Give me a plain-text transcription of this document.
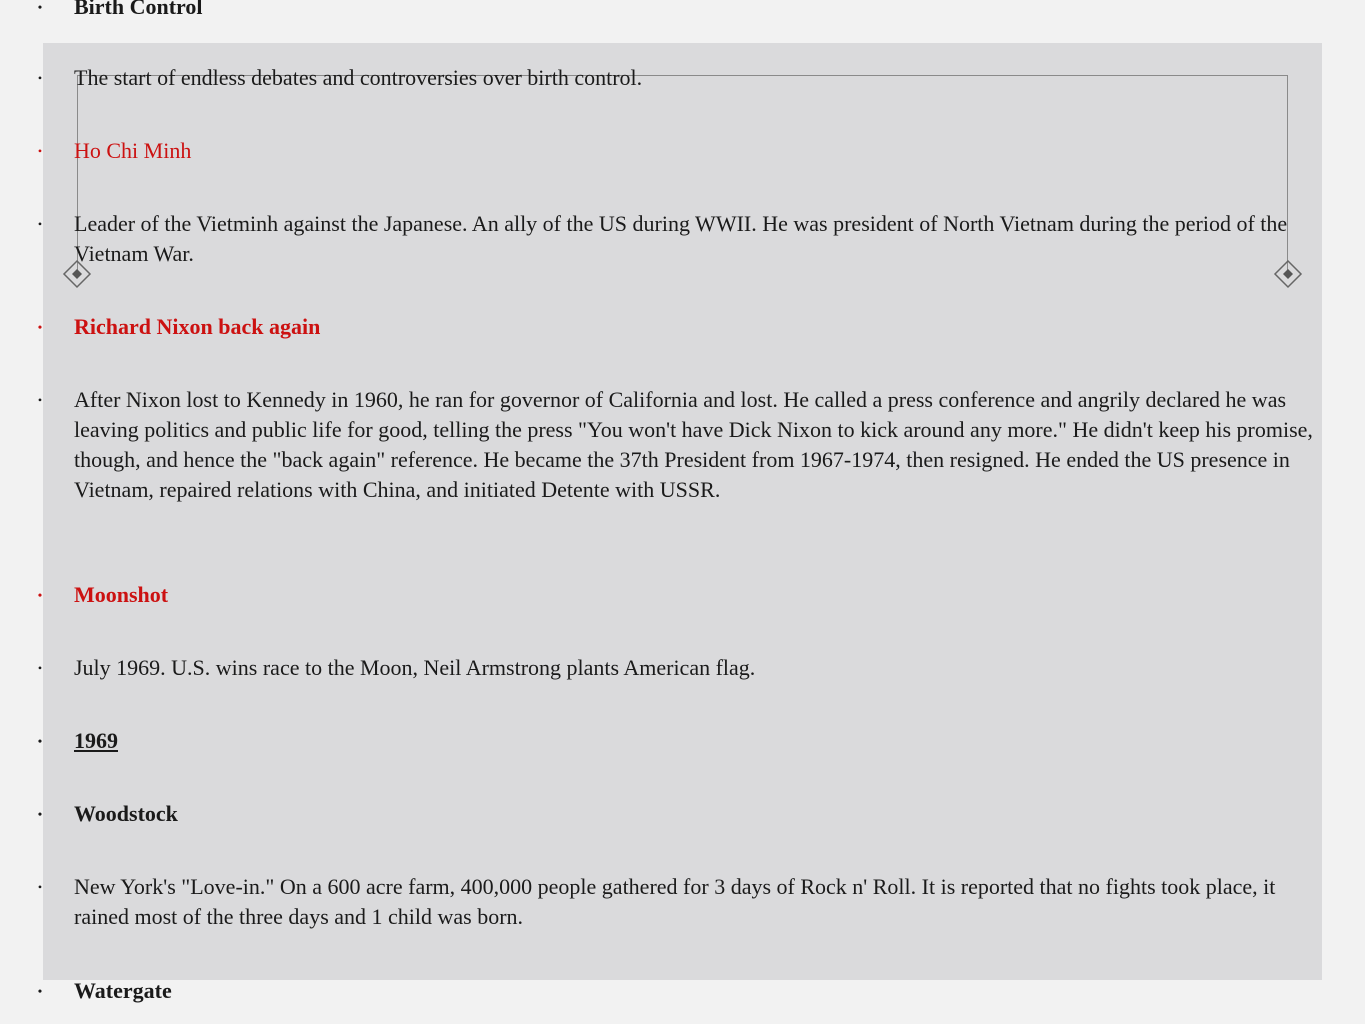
• Birth Control
• The start of endless debates and controversies over birth control.
• Ho Chi Minh
• Leader of the Vietminh against the Japanese. An ally of the US during WWII. He was president of North Vietnam during the period of the Vietnam War.
• Richard Nixon back again
• After Nixon lost to Kennedy in 1960, he ran for governor of California and lost. He called a press conference and angrily declared he was leaving politics and public life for good, telling the press "You won't have Dick Nixon to kick around any more." He didn't keep his promise, though, and hence the "back again" reference. He became the 37th President from 1967-1974, then resigned. He ended the US presence in Vietnam, repaired relations with China, and initiated Detente with USSR.
• Moonshot
• July 1969. U.S. wins race to the Moon, Neil Armstrong plants American flag.
• 1969
• Woodstock
• New York's "Love-in." On a 600 acre farm, 400,000 people gathered for 3 days of Rock n' Roll. It is reported that no fights took place, it rained most of the three days and 1 child was born.
• Watergate
